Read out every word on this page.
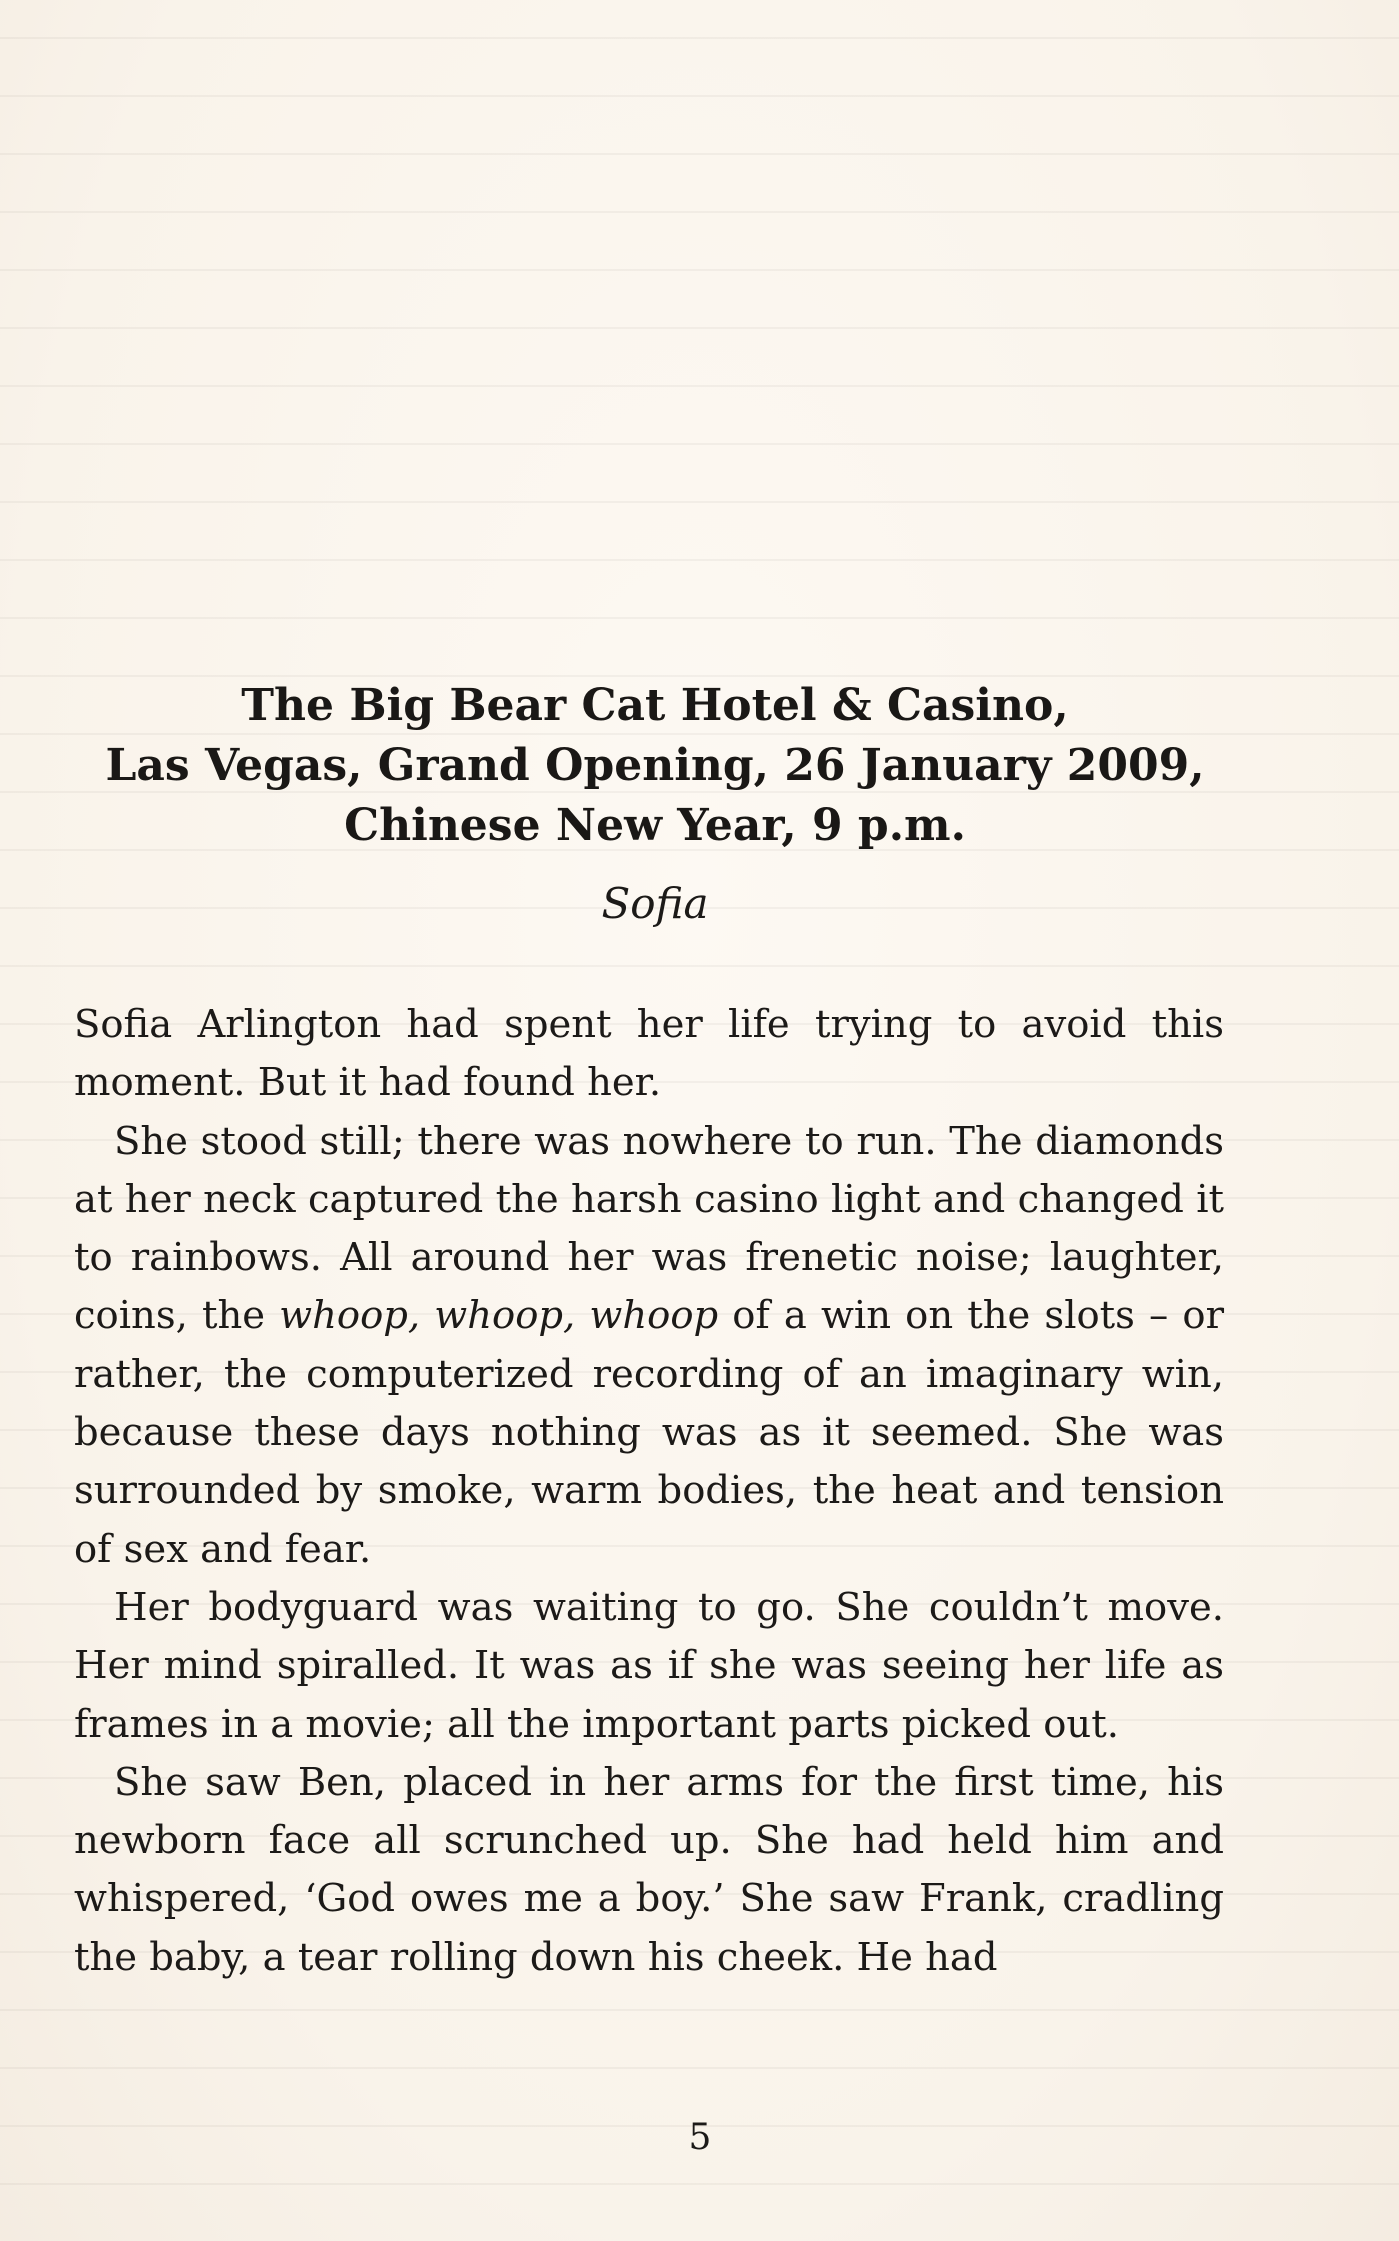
The Big Bear Cat Hotel & Casino,
Las Vegas, Grand Opening, 26 January 2009,
Chinese New Year, 9 p.m.

Sofia

Sofia Arlington had spent her life trying to avoid this moment. But it had found her.

She stood still; there was nowhere to run. The diamonds at her neck captured the harsh casino light and changed it to rainbows. All around her was frenetic noise; laughter, coins, the whoop, whoop, whoop of a win on the slots – or rather, the computerized recording of an imaginary win, because these days nothing was as it seemed. She was surrounded by smoke, warm bodies, the heat and tension of sex and fear.

Her bodyguard was waiting to go. She couldn’t move. Her mind spiralled. It was as if she was seeing her life as frames in a movie; all the important parts picked out.

She saw Ben, placed in her arms for the first time, his newborn face all scrunched up. She had held him and whispered, ‘God owes me a boy.’ She saw Frank, cradling the baby, a tear rolling down his cheek. He had

5
